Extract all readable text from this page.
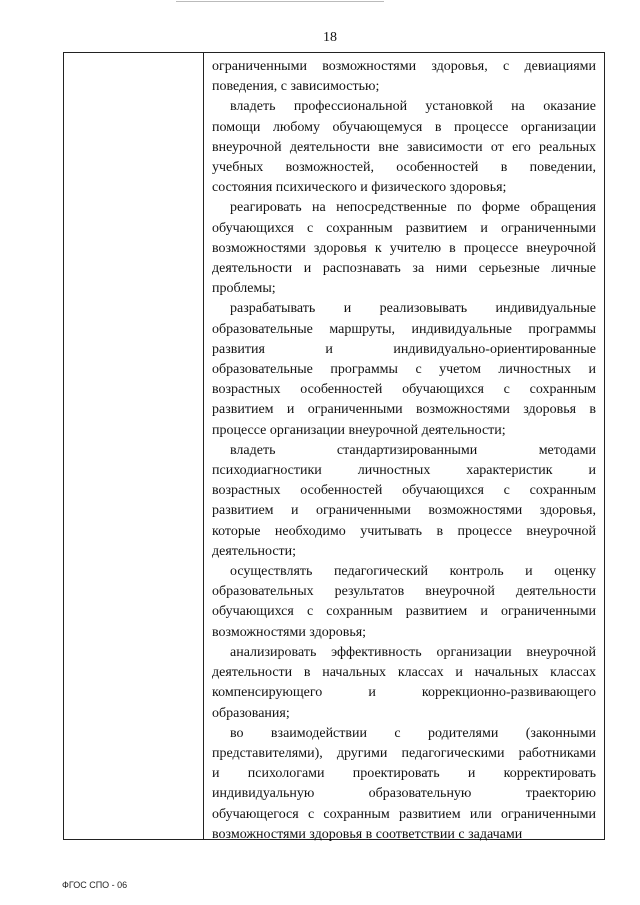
18
ограниченными возможностями здоровья, с девиациями
поведения, с зависимостью;
владеть профессиональной установкой на оказание
помощи любому обучающемуся в процессе организации
внеурочной деятельности вне зависимости от его реальных
учебных возможностей, особенностей в поведении,
состояния психического и физического здоровья;
реагировать на непосредственные по форме обращения
обучающихся с сохранным развитием и ограниченными
возможностями здоровья к учителю в процессе внеурочной
деятельности и распознавать за ними серьезные личные
проблемы;
разрабатывать и реализовывать индивидуальные
образовательные маршруты, индивидуальные программы
развития и индивидуально-ориентированные
образовательные программы с учетом личностных и
возрастных особенностей обучающихся с сохранным
развитием и ограниченными возможностями здоровья в
процессе организации внеурочной деятельности;
владеть стандартизированными методами
психодиагностики личностных характеристик и
возрастных особенностей обучающихся с сохранным
развитием и ограниченными возможностями здоровья,
которые необходимо учитывать в процессе внеурочной
деятельности;
осуществлять педагогический контроль и оценку
образовательных результатов внеурочной деятельности
обучающихся с сохранным развитием и ограниченными
возможностями здоровья;
анализировать эффективность организации внеурочной
деятельности в начальных классах и начальных классах
компенсирующего и коррекционно-развивающего
образования;
во взаимодействии с родителями (законными
представителями), другими педагогическими работниками
и психологами проектировать и корректировать
индивидуальную образовательную траекторию
обучающегося с сохранным развитием или ограниченными
возможностями здоровья в соответствии с задачами
ФГОС СПО - 06
